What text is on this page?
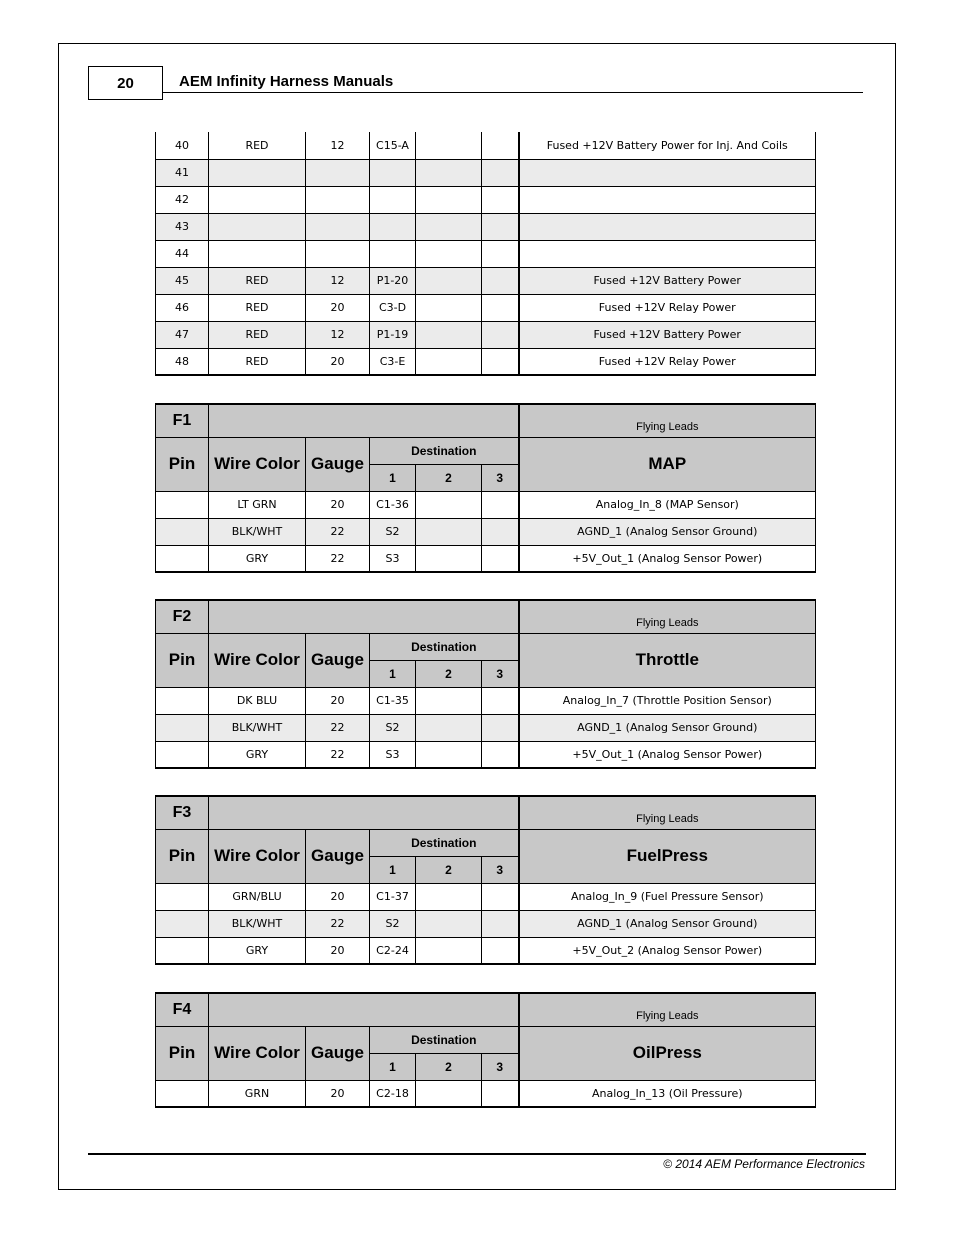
20	AEM Infinity Harness Manuals
40	RED	12	C15-A			Fused +12V Battery Power for Inj. And Coils
41						
42						
43						
44						
45	RED	12	P1-20			Fused +12V Battery Power
46	RED	20	C3-D			Fused +12V Relay Power
47	RED	12	P1-19			Fused +12V Battery Power
48	RED	20	C3-E			Fused +12V Relay Power
F1						Flying Leads
Pin	Wire Color	Gauge	Destination			MAP
			1	2	3	
	LT GRN	20	C1-36			Analog_In_8 (MAP Sensor)
	BLK/WHT	22	S2			AGND_1 (Analog Sensor Ground)
	GRY	22	S3			+5V_Out_1 (Analog Sensor Power)
F2						Flying Leads
Pin	Wire Color	Gauge	Destination			Throttle
			1	2	3	
	DK BLU	20	C1-35			Analog_In_7 (Throttle Position Sensor)
	BLK/WHT	22	S2			AGND_1 (Analog Sensor Ground)
	GRY	22	S3			+5V_Out_1 (Analog Sensor Power)
F3						Flying Leads
Pin	Wire Color	Gauge	Destination			FuelPress
			1	2	3	
	GRN/BLU	20	C1-37			Analog_In_9 (Fuel Pressure Sensor)
	BLK/WHT	22	S2			AGND_1 (Analog Sensor Ground)
	GRY	20	C2-24			+5V_Out_2 (Analog Sensor Power)
F4						Flying Leads
Pin	Wire Color	Gauge	Destination			OilPress
			1	2	3	
	GRN	20	C2-18			Analog_In_13 (Oil Pressure)
© 2014 AEM Performance Electronics
